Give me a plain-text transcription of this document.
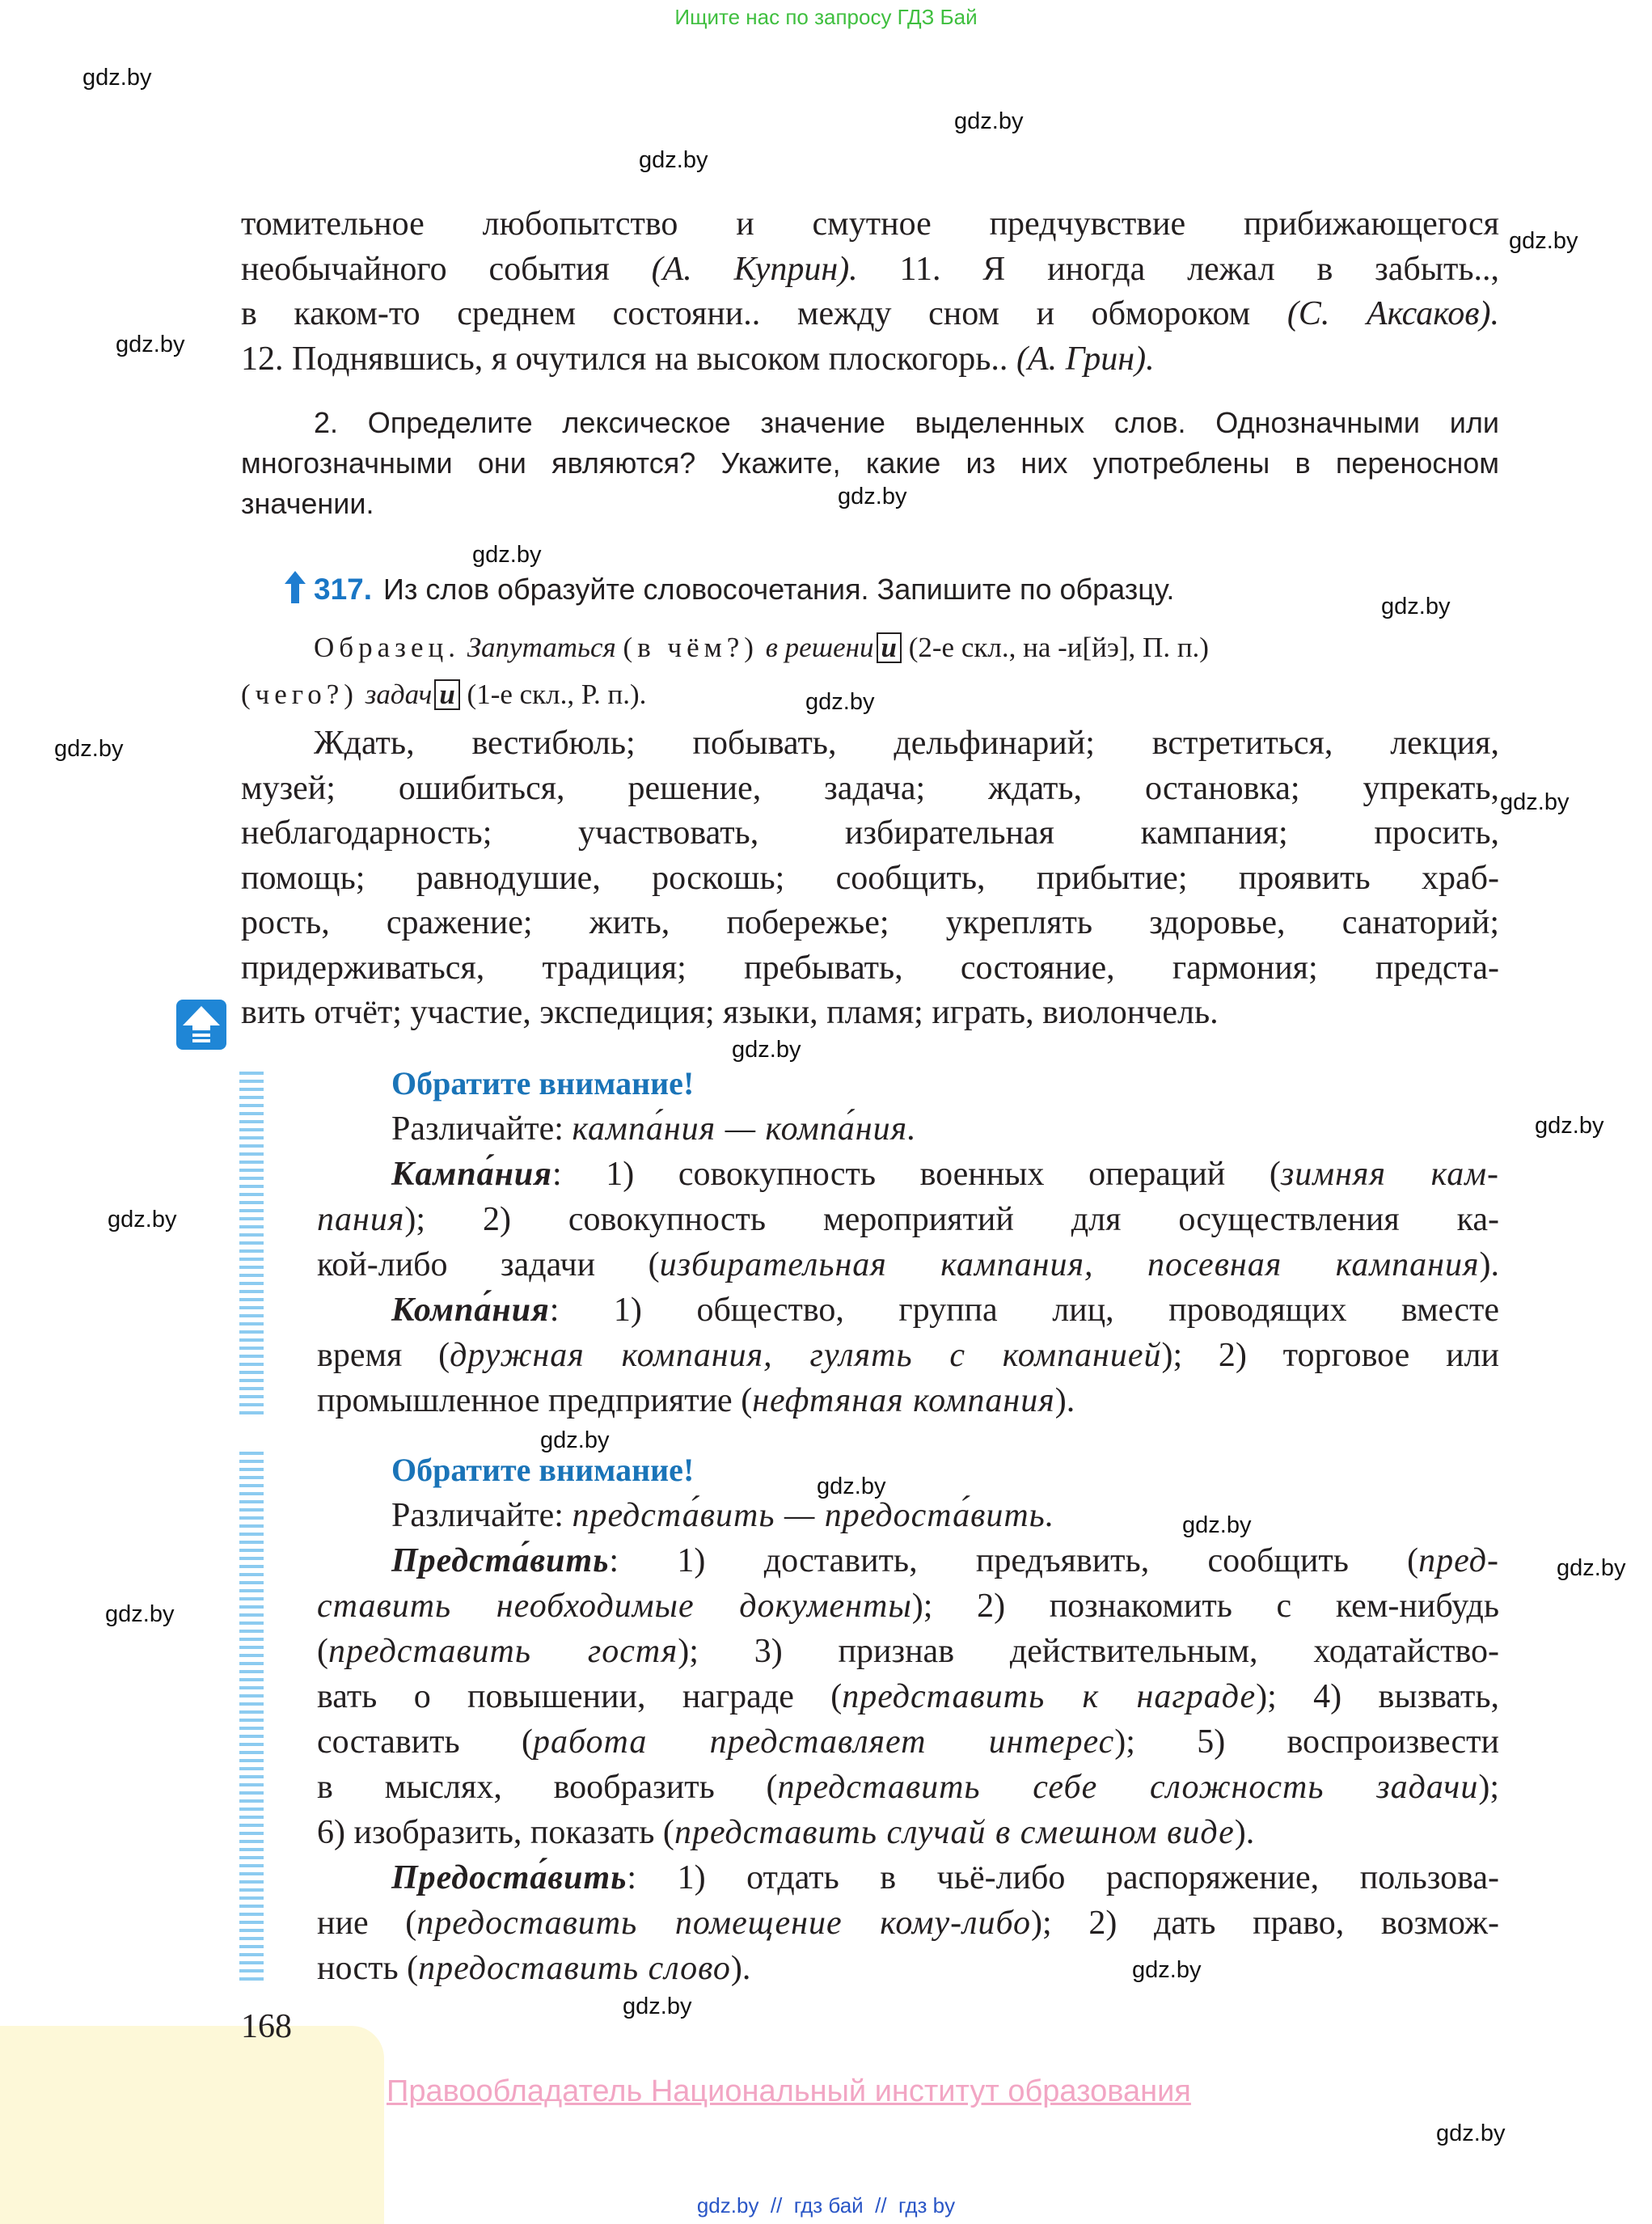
Ищите нас по запросу ГДЗ Бай
gdz.by
gdz.by
gdz.by
gdz.by
gdz.by
gdz.by
gdz.by
gdz.by
gdz.by
gdz.by
gdz.by
gdz.by
gdz.by
gdz.by
gdz.by
gdz.by
gdz.by
gdz.by
gdz.by
gdz.by
gdz.by
gdz.by
томительное любопытство и смутное предчувствие прибижающегося
необычайного события (А. Куприн). 11. Я иногда лежал в забыть..,
в каком-то среднем состояни.. между сном и обмороком (С. Аксаков).
12. Поднявшись, я очутился на высоком плоскогорь.. (А. Грин).
2. Определите лексическое значение выделенных слов. Однозначными или
многозначными они являются? Укажите, какие из них употреблены в переносном
значении.
317. Из слов образуйте словосочетания. Запишите по образцу.
Образец. Запутаться (в чём?) в решени и (2-е скл., на -и[йэ], П. п.)
(чего?) задач и (1-е скл., Р. п.).
Ждать, вестибюль; побывать, дельфинарий; встретиться, лекция,
музей; ошибиться, решение, задача; ждать, остановка; упрекать,
неблагодарность; участвовать, избирательная кампания; просить,
помощь; равнодушие, роскошь; сообщить, прибытие; проявить храб-
рость, сражение; жить, побережье; укреплять здоровье, санаторий;
придерживаться, традиция; пребывать, состояние, гармония; предста-
вить отчёт; участие, экспедиция; языки, пламя; играть, виолончель.
Обратите внимание!
Различайте: кампа́ния — компа́ния.
Кампа́ния: 1) совокупность военных операций (зимняя кам-
пания); 2) совокупность мероприятий для осуществления ка-
кой-либо задачи (избирательная кампания, посевная кампания).
Компа́ния: 1) общество, группа лиц, проводящих вместе
время (дружная компания, гулять с компанией); 2) торговое или
промышленное предприятие (нефтяная компания).
Обратите внимание!
Различайте: предста́вить — предоста́вить.
Предста́вить: 1) доставить, предъявить, сообщить (пред-
ставить необходимые документы); 2) познакомить с кем-нибудь
(представить гостя); 3) признав действительным, ходатайство-
вать о повышении, награде (представить к награде); 4) вызвать,
составить (работа представляет интерес); 5) воспроизвести
в мыслях, вообразить (представить себе сложность задачи);
6) изобразить, показать (представить случай в смешном виде).
Предоста́вить: 1) отдать в чьё-либо распоряжение, пользова-
ние (предоставить помещение кому-либо); 2) дать право, возмож-
ность (предоставить слово).
168
Правообладатель Национальный институт образования
gdz.by  //  гдз бай  //  гдз by
